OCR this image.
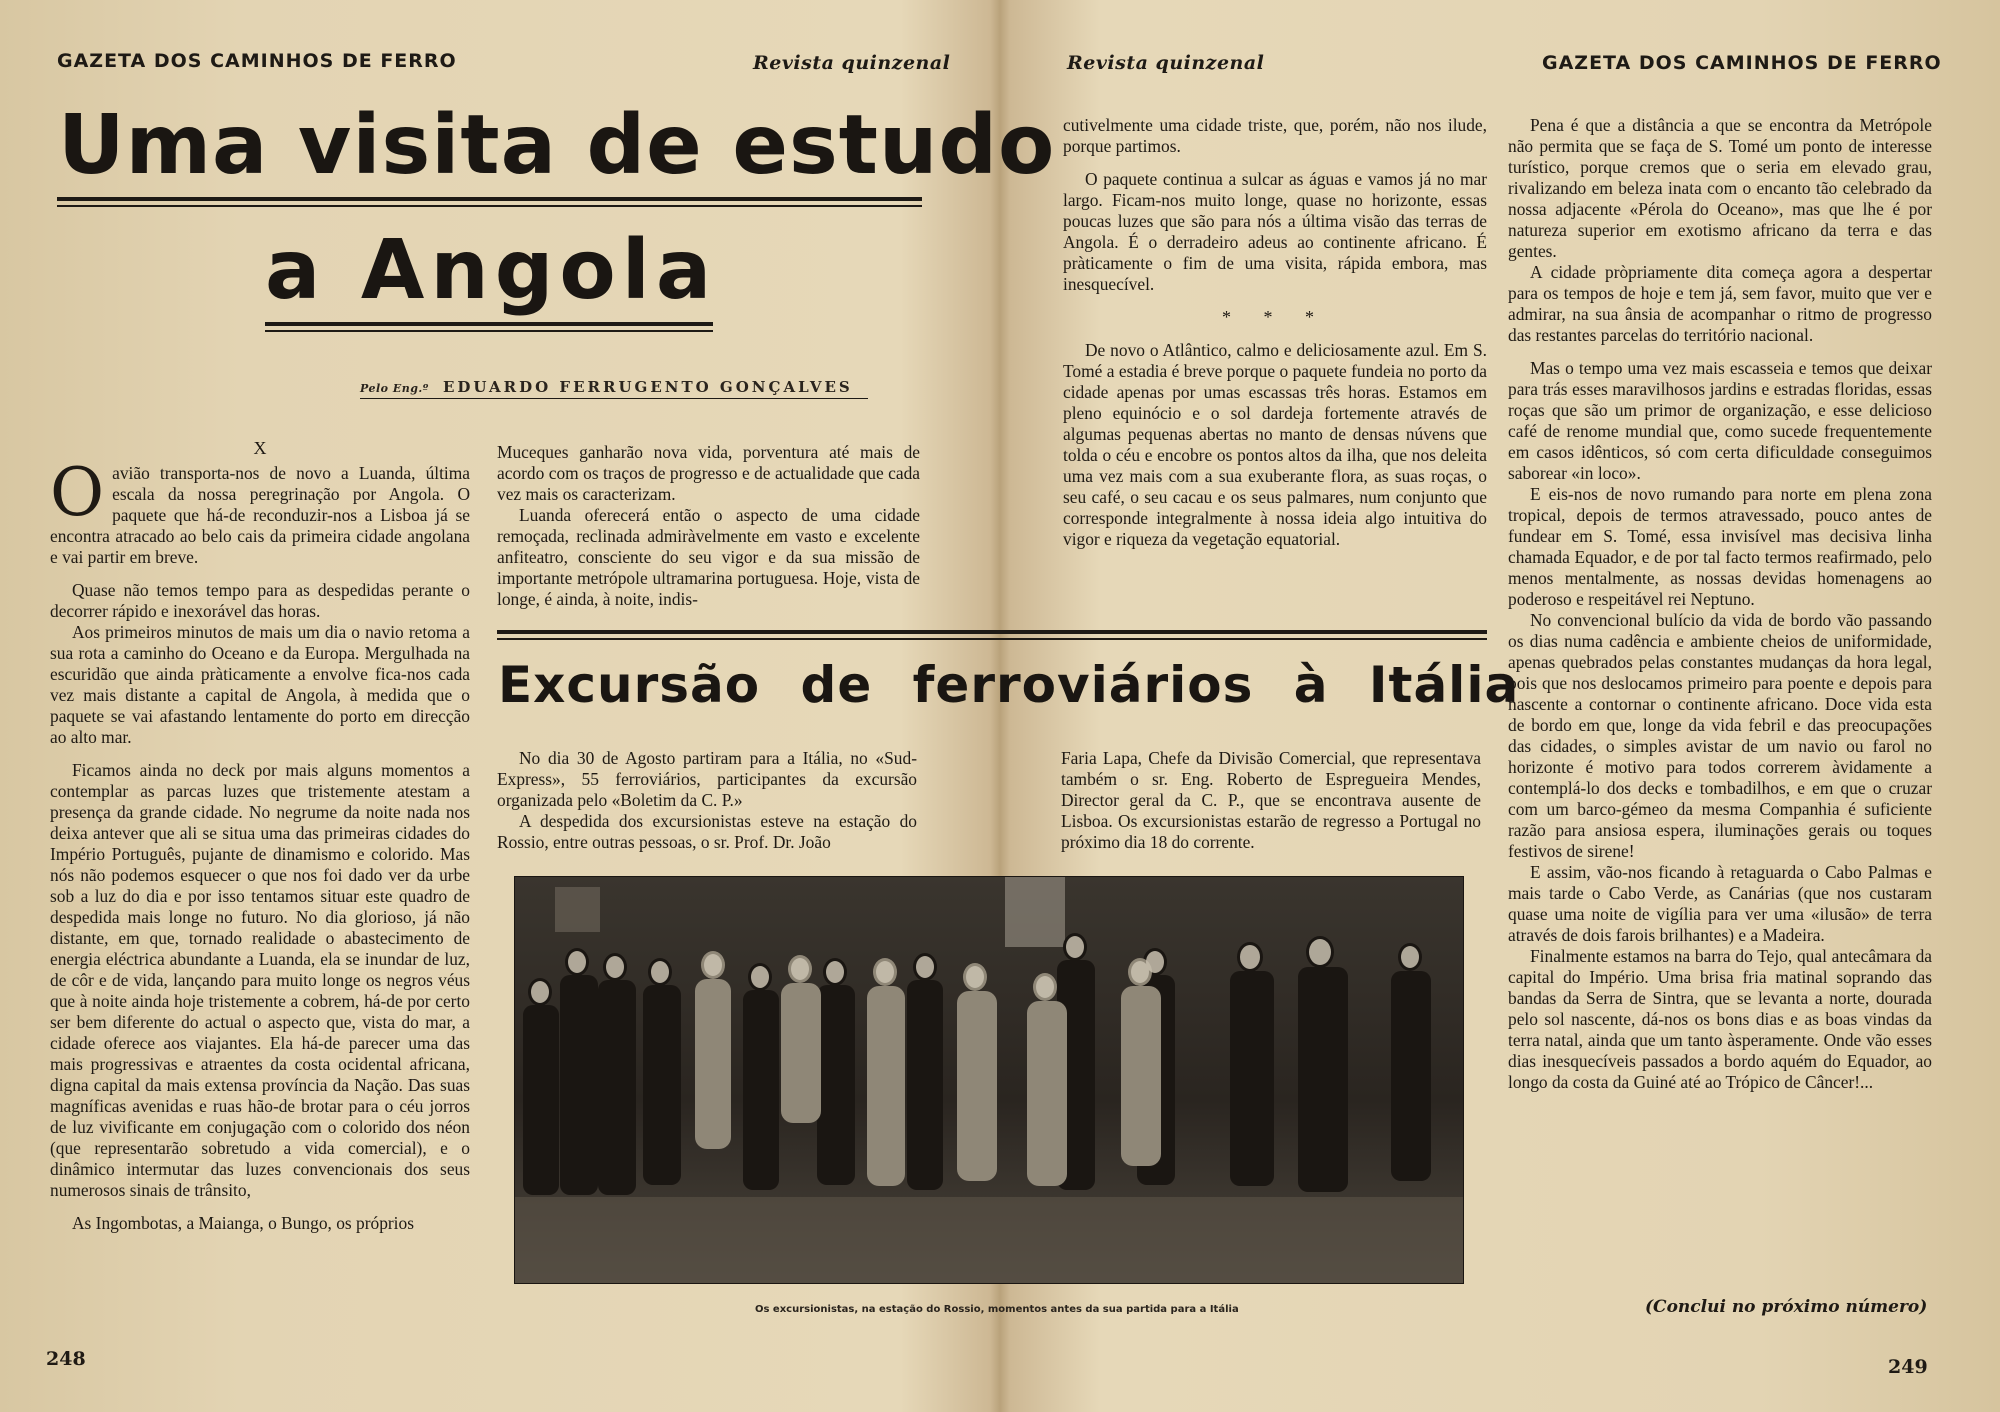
GAZETA DOS CAMINHOS DE FERRO	Revista quinzenal	Revista quinzenal	GAZETA DOS CAMINHOS DE FERRO
Uma visita de estudo
a Angola
Pelo Eng.º EDUARDO FERRUGENTO GONÇALVES
X

Oavião transporta-nos de novo a Luanda, última escala da nossa peregrinação por Angola. O paquete que há-de reconduzir-nos a Lisboa já se encontra atracado ao belo cais da primeira cidade angolana e vai partir em breve.

Quase não temos tempo para as despedidas perante o decorrer rápido e inexorável das horas.

Aos primeiros minutos de mais um dia o navio retoma a sua rota a caminho do Oceano e da Europa. Mergulhada na escuridão que ainda pràticamente a envolve fica-nos cada vez mais distante a capital de Angola, à medida que o paquete se vai afastando lentamente do porto em direcção ao alto mar.

Ficamos ainda no deck por mais alguns momentos a contemplar as parcas luzes que tristemente atestam a presença da grande cidade. No negrume da noite nada nos deixa antever que ali se situa uma das primeiras cidades do Império Português, pujante de dinamismo e colorido. Mas nós não podemos esquecer o que nos foi dado ver da urbe sob a luz do dia e por isso tentamos situar este quadro de despedida mais longe no futuro. No dia glorioso, já não distante, em que, tornado realidade o abastecimento de energia eléctrica abundante a Luanda, ela se inundar de luz, de côr e de vida, lançando para muito longe os negros véus que à noite ainda hoje tristemente a cobrem, há-de por certo ser bem diferente do actual o aspecto que, vista do mar, a cidade oferece aos viajantes. Ela há-de parecer uma das mais progressivas e atraentes da costa ocidental africana, digna capital da mais extensa província da Nação. Das suas magníficas avenidas e ruas hão-de brotar para o céu jorros de luz vivificante em conjugação com o colorido dos néon (que representarão sobretudo a vida comercial), e o dinâmico intermutar das luzes convencionais dos seus numerosos sinais de trânsito,

As Ingombotas, a Maianga, o Bungo, os próprios

Muceques ganharão nova vida, porventura até mais de acordo com os traços de progresso e de actualidade que cada vez mais os caracterizam.

Luanda oferecerá então o aspecto de uma cidade remoçada, reclinada admiràvelmente em vasto e excelente anfiteatro, consciente do seu vigor e da sua missão de importante metrópole ultramarina portuguesa. Hoje, vista de longe, é ainda, à noite, indis-

cutivelmente uma cidade triste, que, porém, não nos ilude, porque partimos.

O paquete continua a sulcar as águas e vamos já no mar largo. Ficam-nos muito longe, quase no horizonte, essas poucas luzes que são para nós a última visão das terras de Angola. É o derradeiro adeus ao continente africano. É pràticamente o fim de uma visita, rápida embora, mas inesquecível.

* * *

De novo o Atlântico, calmo e deliciosamente azul. Em S. Tomé a estadia é breve porque o paquete fundeia no porto da cidade apenas por umas escassas três horas. Estamos em pleno equinócio e o sol dardeja fortemente através de algumas pequenas abertas no manto de densas núvens que tolda o céu e encobre os pontos altos da ilha, que nos deleita uma vez mais com a sua exuberante flora, as suas roças, o seu café, o seu cacau e os seus palmares, num conjunto que corresponde integralmente à nossa ideia algo intuitiva do vigor e riqueza da vegetação equatorial.

Pena é que a distância a que se encontra da Metrópole não permita que se faça de S. Tomé um ponto de interesse turístico, porque cremos que o seria em elevado grau, rivalizando em beleza inata com o encanto tão celebrado da nossa adjacente «Pérola do Oceano», mas que lhe é por natureza superior em exotismo africano da terra e das gentes.

A cidade pròpriamente dita começa agora a despertar para os tempos de hoje e tem já, sem favor, muito que ver e admirar, na sua ânsia de acompanhar o ritmo de progresso das restantes parcelas do território nacional.

Mas o tempo uma vez mais escasseia e temos que deixar para trás esses maravilhosos jardins e estradas floridas, essas roças que são um primor de organização, e esse delicioso café de renome mundial que, como sucede frequentemente em casos idênticos, só com certa dificuldade conseguimos saborear «in loco».

E eis-nos de novo rumando para norte em plena zona tropical, depois de termos atravessado, pouco antes de fundear em S. Tomé, essa invisível mas decisiva linha chamada Equador, e de por tal facto termos reafirmado, pelo menos mentalmente, as nossas devidas homenagens ao poderoso e respeitável rei Neptuno.

No convencional bulício da vida de bordo vão passando os dias numa cadência e ambiente cheios de uniformidade, apenas quebrados pelas constantes mudanças da hora legal, pois que nos deslocamos primeiro para poente e depois para nascente a contornar o continente africano. Doce vida esta de bordo em que, longe da vida febril e das preocupações das cidades, o simples avistar de um navio ou farol no horizonte é motivo para todos correrem àvidamente a contemplá-lo dos decks e tombadilhos, e em que o cruzar com um barco-gémeo da mesma Companhia é suficiente razão para ansiosa espera, iluminações gerais ou toques festivos de sirene!

E assim, vão-nos ficando à retaguarda o Cabo Palmas e mais tarde o Cabo Verde, as Canárias (que nos custaram quase uma noite de vigília para ver uma «ilusão» de terra através de dois farois brilhantes) e a Madeira.

Finalmente estamos na barra do Tejo, qual antecâmara da capital do Império. Uma brisa fria matinal soprando das bandas da Serra de Sintra, que se levanta a norte, dourada pelo sol nascente, dá-nos os bons dias e as boas vindas da terra natal, ainda que um tanto àsperamente. Onde vão esses dias inesquecíveis passados a bordo aquém do Equador, ao longo da costa da Guiné até ao Trópico de Câncer!...

Excursão de ferroviários à Itália

No dia 30 de Agosto partiram para a Itália, no «Sud-Express», 55 ferroviários, participantes da excursão organizada pelo «Boletim da C. P.»

A despedida dos excursionistas esteve na estação do Rossio, entre outras pessoas, o sr. Prof. Dr. João

Faria Lapa, Chefe da Divisão Comercial, que representava também o sr. Eng. Roberto de Espregueira Mendes, Director geral da C. P., que se encontrava ausente de Lisboa. Os excursionistas estarão de regresso a Portugal no próximo dia 18 do corrente.

Os excursionistas, na estação do Rossio, momentos antes da sua partida para a Itália	(Conclui no próximo número)
248	249
